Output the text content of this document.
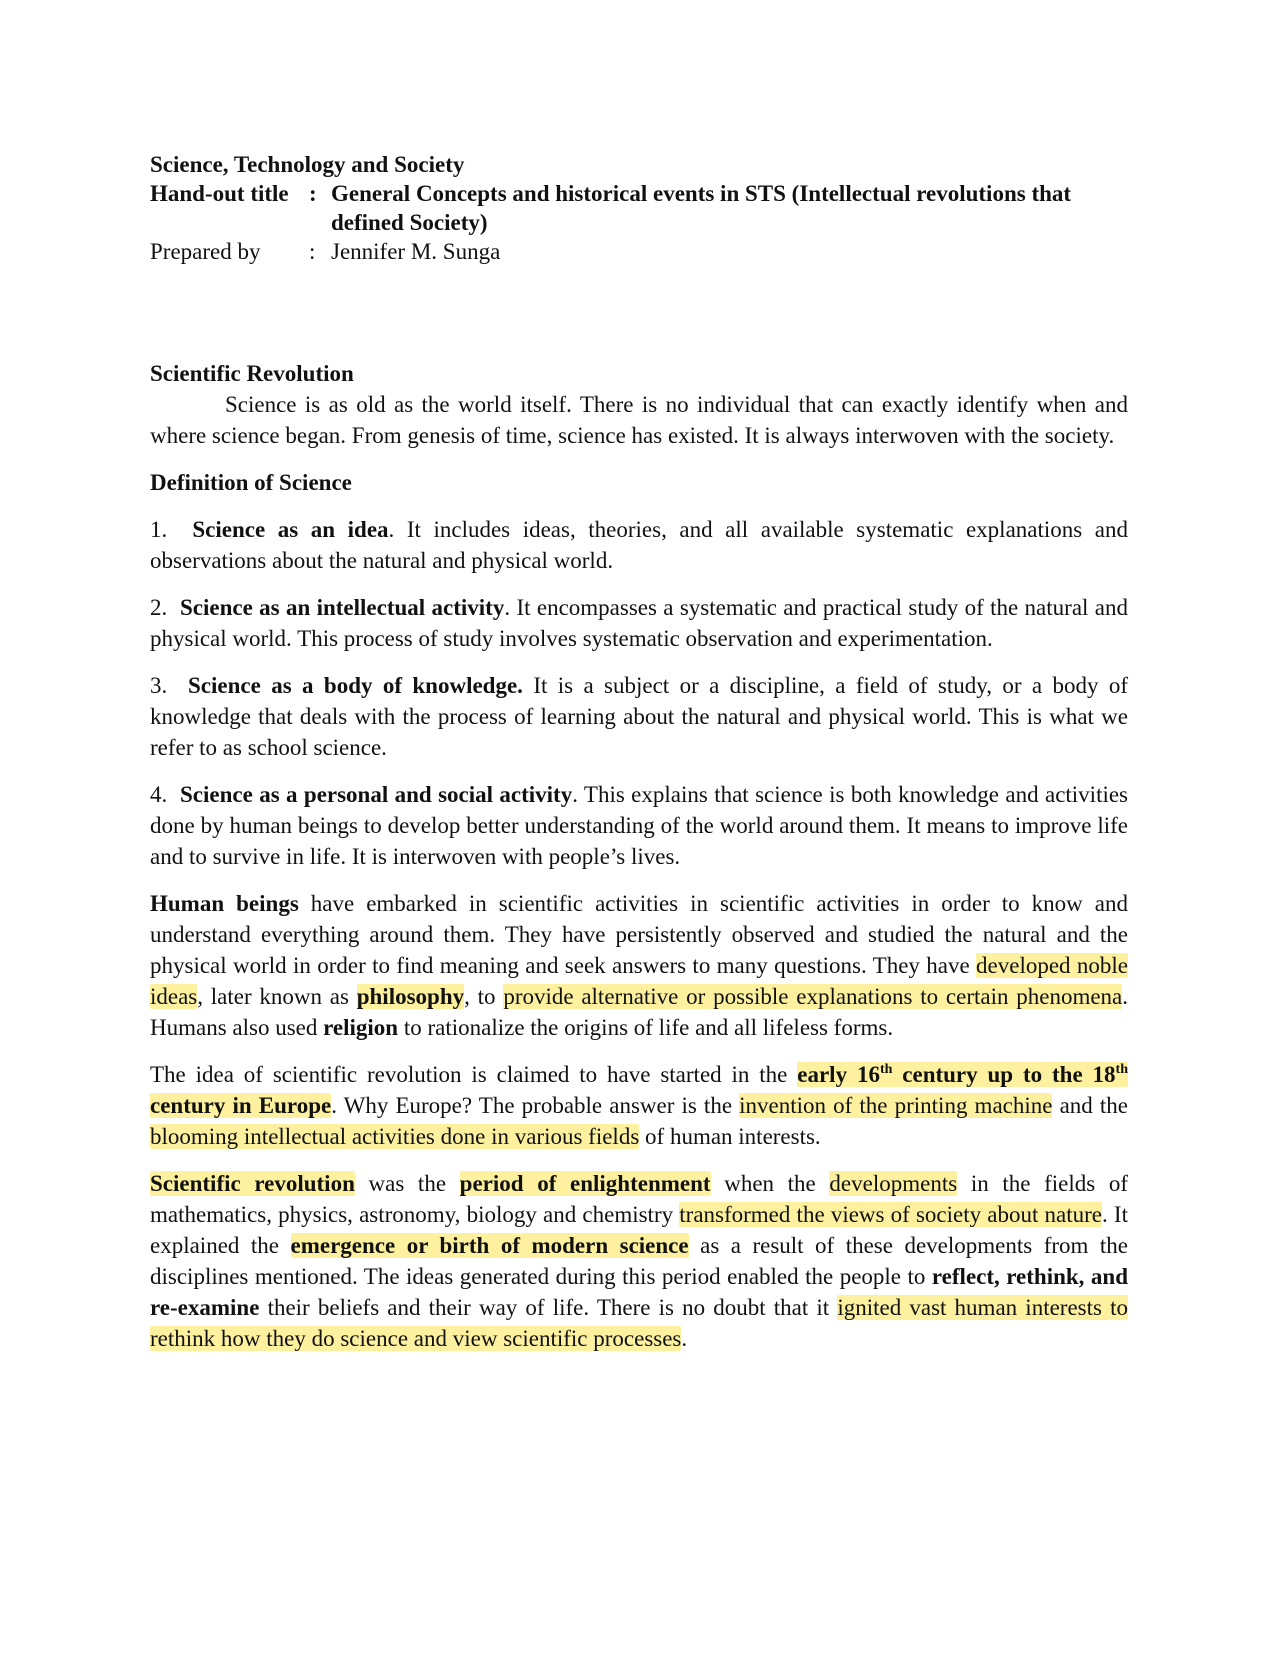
Science, Technology and Society
Hand-out title : General Concepts and historical events in STS (Intellectual revolutions that
defined Society)
Prepared by	: Jennifer M. Sunga
Scientific Revolution

Science is as old as the world itself. There is no individual that can exactly identify when and where science began. From genesis of time, science has existed. It is always interwoven with the society.

Definition of Science

1. Science as an idea. It includes ideas, theories, and all available systematic explanations and observations about the natural and physical world.

2. Science as an intellectual activity. It encompasses a systematic and practical study of the natural and physical world. This process of study involves systematic observation and experimentation.

3. Science as a body of knowledge. It is a subject or a discipline, a field of study, or a body of knowledge that deals with the process of learning about the natural and physical world. This is what we refer to as school science.

4. Science as a personal and social activity. This explains that science is both knowledge and activities done by human beings to develop better understanding of the world around them. It means to improve life and to survive in life. It is interwoven with people’s lives.

Human beings have embarked in scientific activities in scientific activities in order to know and understand everything around them. They have persistently observed and studied the natural and the physical world in order to find meaning and seek answers to many questions. They have developed noble ideas, later known as philosophy, to provide alternative or possible explanations to certain phenomena. Humans also used religion to rationalize the origins of life and all lifeless forms.

The idea of scientific revolution is claimed to have started in the early 16th century up to the 18th century in Europe. Why Europe? The probable answer is the invention of the printing machine and the blooming intellectual activities done in various fields of human interests.

Scientific revolution was the period of enlightenment when the developments in the fields of mathematics, physics, astronomy, biology and chemistry transformed the views of society about nature. It explained the emergence or birth of modern science as a result of these developments from the disciplines mentioned. The ideas generated during this period enabled the people to reflect, rethink, and re-examine their beliefs and their way of life. There is no doubt that it ignited vast human interests to rethink how they do science and view scientific processes.
